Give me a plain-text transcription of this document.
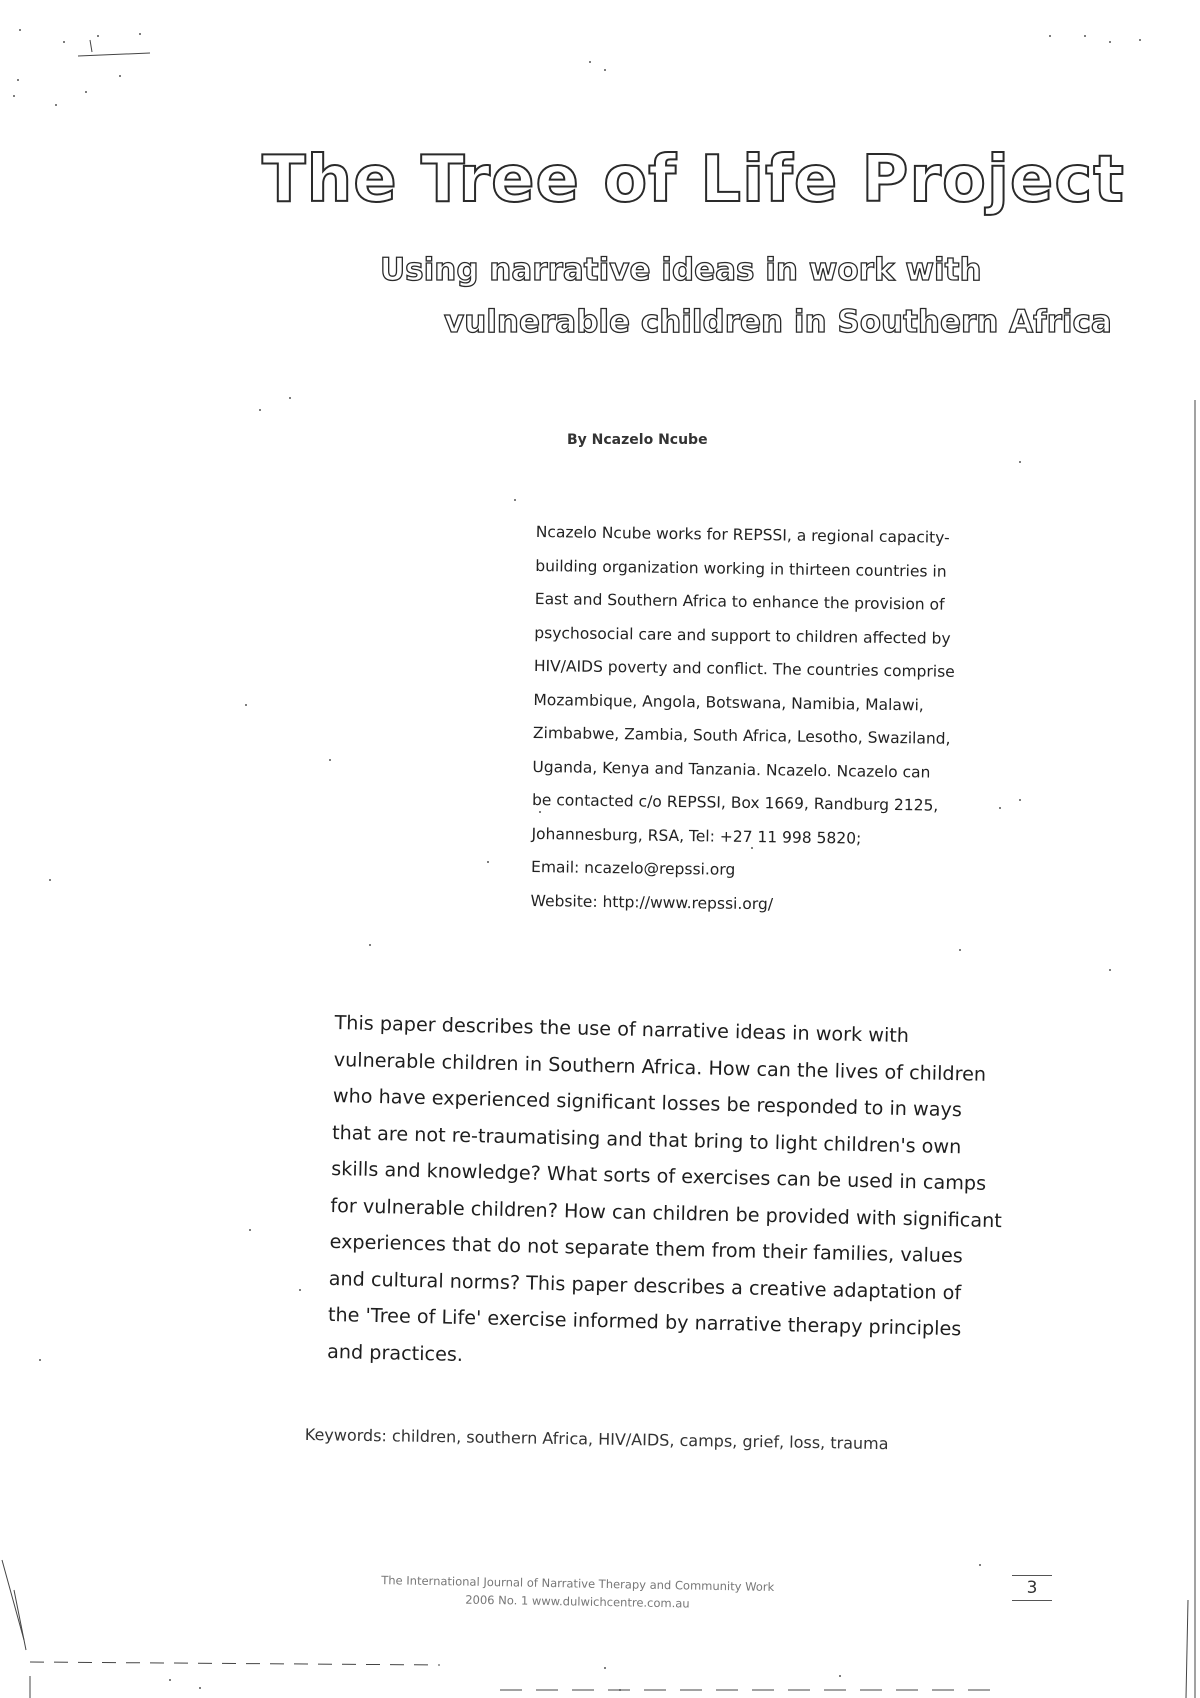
The Tree of Life Project
Using narrative ideas in work with
vulnerable children in Southern Africa
By Ncazelo Ncube
Ncazelo Ncube works for REPSSI, a regional capacity-
building organization working in thirteen countries in
East and Southern Africa to enhance the provision of
psychosocial care and support to children affected by
HIV/AIDS poverty and conflict. The countries comprise
Mozambique, Angola, Botswana, Namibia, Malawi,
Zimbabwe, Zambia, South Africa, Lesotho, Swaziland,
Uganda, Kenya and Tanzania. Ncazelo. Ncazelo can
be contacted c/o REPSSI, Box 1669, Randburg 2125,
Johannesburg, RSA, Tel: +27 11 998 5820;
Email: ncazelo@repssi.org
Website: http://www.repssi.org/
This paper describes the use of narrative ideas in work with
vulnerable children in Southern Africa. How can the lives of children
who have experienced significant losses be responded to in ways
that are not re-traumatising and that bring to light children's own
skills and knowledge? What sorts of exercises can be used in camps
for vulnerable children? How can children be provided with significant
experiences that do not separate them from their families, values
and cultural norms? This paper describes a creative adaptation of
the 'Tree of Life' exercise informed by narrative therapy principles
and practices.
Keywords: children, southern Africa, HIV/AIDS, camps, grief, loss, trauma
The International Journal of Narrative Therapy and Community Work
2006 No. 1 www.dulwichcentre.com.au
3
